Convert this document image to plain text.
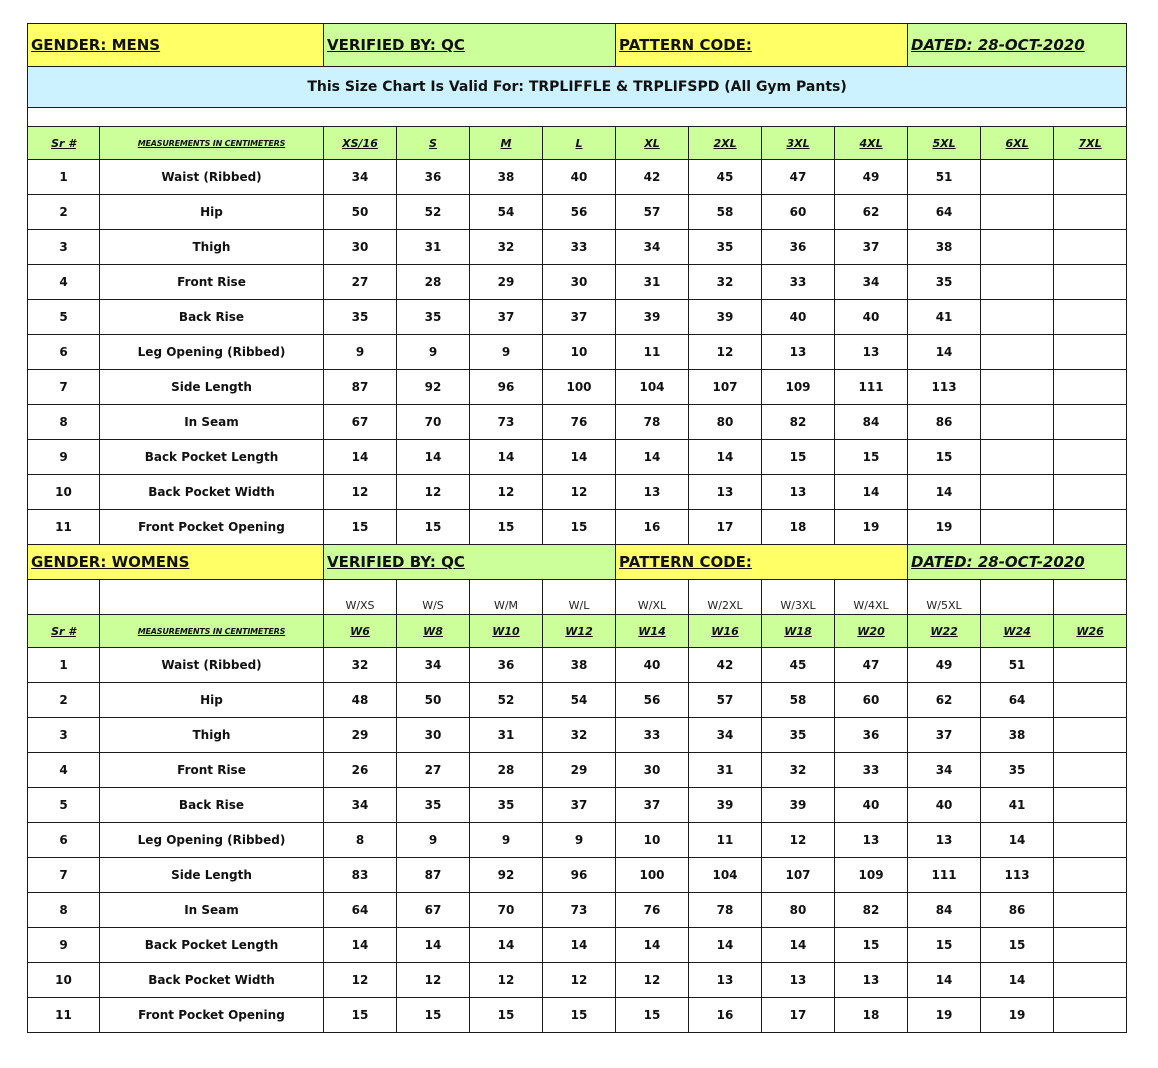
GENDER: MENS		VERIFIED BY: QC				PATTERN CODE:				DATED: 28-OCT-2020		
This Size Chart Is Valid For: TRPLIFFLE & TRPLIFSPD (All Gym Pants)												

Sr #	MEASUREMENTS IN CENTIMETERS	XS/16	S	M	L	XL	2XL	3XL	4XL	5XL	6XL	7XL
1	Waist (Ribbed)	34	36	38	40	42	45	47	49	51		
2	Hip	50	52	54	56	57	58	60	62	64		
3	Thigh	30	31	32	33	34	35	36	37	38		
4	Front Rise	27	28	29	30	31	32	33	34	35		
5	Back Rise	35	35	37	37	39	39	40	40	41		
6	Leg Opening (Ribbed)	9	9	9	10	11	12	13	13	14		
7	Side Length	87	92	96	100	104	107	109	111	113		
8	In Seam	67	70	73	76	78	80	82	84	86		
9	Back Pocket Length	14	14	14	14	14	14	15	15	15		
10	Back Pocket Width	12	12	12	12	13	13	13	14	14		
11	Front Pocket Opening	15	15	15	15	16	17	18	19	19		
GENDER: WOMENS		VERIFIED BY: QC				PATTERN CODE:				DATED: 28-OCT-2020		
		W/XS	W/S	W/M	W/L	W/XL	W/2XL	W/3XL	W/4XL	W/5XL		
Sr #	MEASUREMENTS IN CENTIMETERS	W6	W8	W10	W12	W14	W16	W18	W20	W22	W24	W26
1	Waist (Ribbed)	32	34	36	38	40	42	45	47	49	51	
2	Hip	48	50	52	54	56	57	58	60	62	64	
3	Thigh	29	30	31	32	33	34	35	36	37	38	
4	Front Rise	26	27	28	29	30	31	32	33	34	35	
5	Back Rise	34	35	35	37	37	39	39	40	40	41	
6	Leg Opening (Ribbed)	8	9	9	9	10	11	12	13	13	14	
7	Side Length	83	87	92	96	100	104	107	109	111	113	
8	In Seam	64	67	70	73	76	78	80	82	84	86	
9	Back Pocket Length	14	14	14	14	14	14	14	15	15	15	
10	Back Pocket Width	12	12	12	12	12	13	13	13	14	14	
11	Front Pocket Opening	15	15	15	15	15	16	17	18	19	19	
